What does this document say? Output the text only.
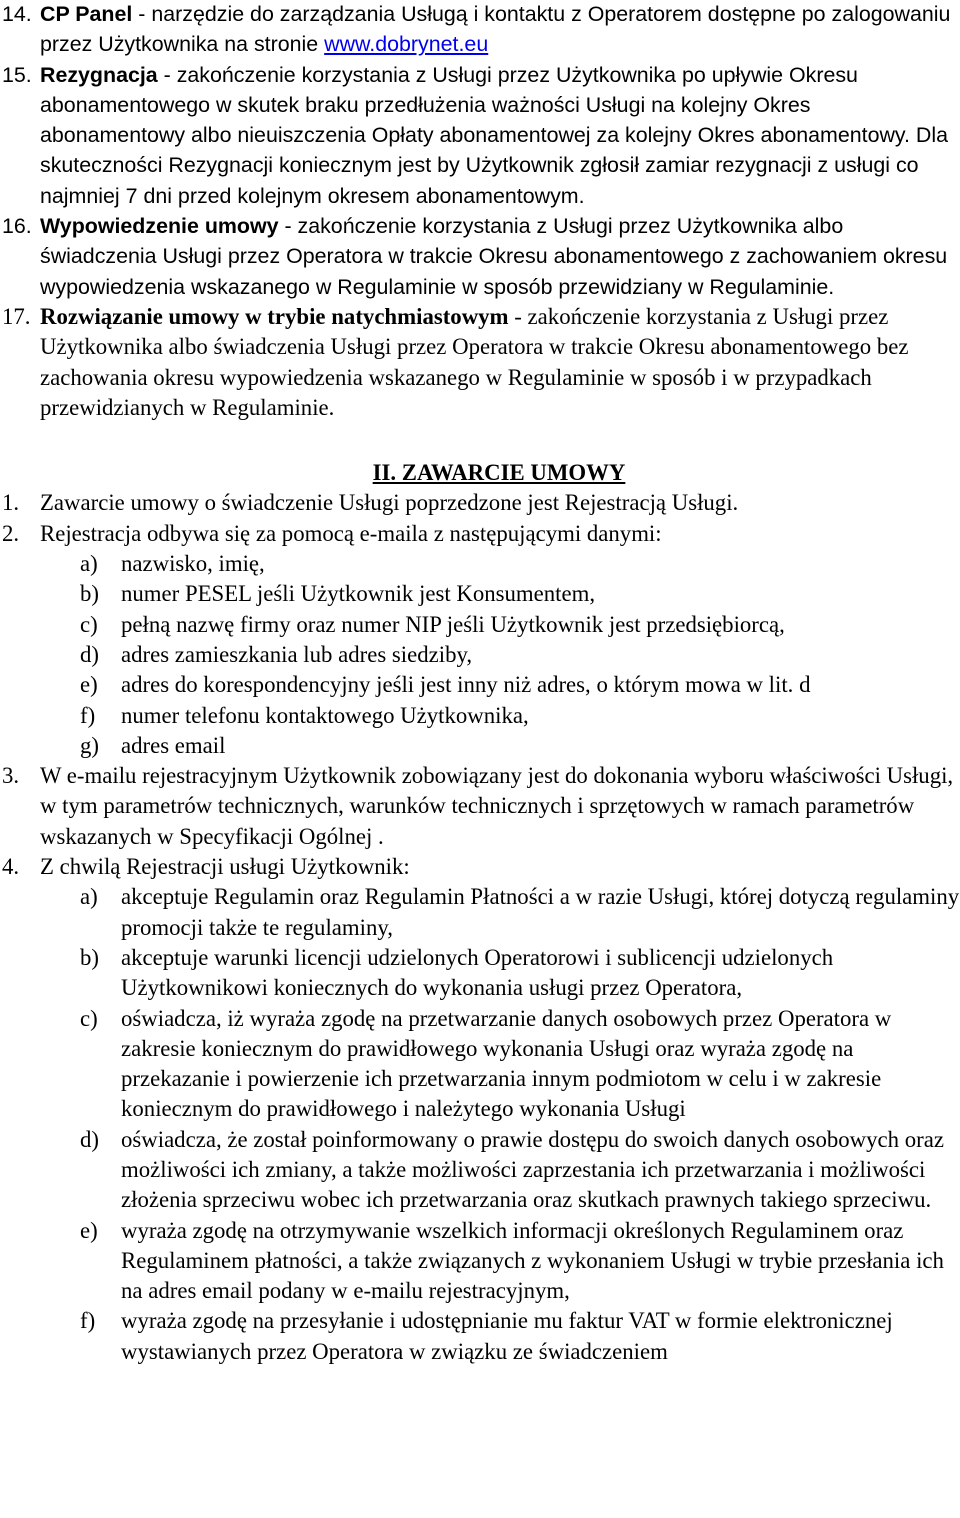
14. CP Panel - narzędzie do zarządzania Usługą i kontaktu z Operatorem dostępne po zalogowaniu przez Użytkownika na stronie www.dobrynet.eu
15. Rezygnacja - zakończenie korzystania z Usługi przez Użytkownika po upływie Okresu abonamentowego w skutek braku przedłużenia ważności Usługi na kolejny Okres abonamentowy albo nieuiszczenia Opłaty abonamentowej za kolejny Okres abonamentowy. Dla skuteczności Rezygnacji koniecznym jest by Użytkownik zgłosił zamiar rezygnacji z usługi co najmniej 7 dni przed kolejnym okresem abonamentowym.
16. Wypowiedzenie umowy - zakończenie korzystania z Usługi przez Użytkownika albo świadczenia Usługi przez Operatora w trakcie Okresu abonamentowego z zachowaniem okresu wypowiedzenia wskazanego w Regulaminie w sposób przewidziany w Regulaminie.
17. Rozwiązanie umowy w trybie natychmiastowym - zakończenie korzystania z Usługi przez Użytkownika albo świadczenia Usługi przez Operatora w trakcie Okresu abonamentowego bez zachowania okresu wypowiedzenia wskazanego w Regulaminie w sposób i w przypadkach przewidzianych w Regulaminie.
II. ZAWARCIE UMOWY
1. Zawarcie umowy o świadczenie Usługi poprzedzone jest Rejestracją Usługi.
2. Rejestracja odbywa się za pomocą e-maila z następującymi danymi:
a)	nazwisko, imię,
b) numer PESEL jeśli Użytkownik jest Konsumentem,
c)	pełną nazwę firmy oraz numer NIP jeśli Użytkownik jest przedsiębiorcą,
d) adres zamieszkania lub adres siedziby,
e)	adres do korespondencyjny jeśli jest inny niż adres, o którym mowa w lit. d
f)	numer telefonu kontaktowego Użytkownika,
g) adres email
3. W e-mailu rejestracyjnym Użytkownik zobowiązany jest do dokonania wyboru właściwości Usługi, w tym parametrów technicznych, warunków technicznych i sprzętowych w ramach parametrów wskazanych w Specyfikacji Ogólnej .
4. Z chwilą Rejestracji usługi Użytkownik:
a)	akceptuje Regulamin oraz Regulamin Płatności a w razie Usługi, której dotyczą regulaminy promocji także te regulaminy,
b) akceptuje warunki licencji udzielonych Operatorowi i sublicencji udzielonych Użytkownikowi koniecznych do wykonania usługi przez Operatora,
c)	oświadcza, iż wyraża zgodę na przetwarzanie danych osobowych przez Operatora w zakresie koniecznym do prawidłowego wykonania Usługi oraz wyraża zgodę na przekazanie i powierzenie ich przetwarzania innym podmiotom w celu i w zakresie koniecznym do prawidłowego i należytego wykonania Usługi
d) oświadcza, że został poinformowany o prawie dostępu do swoich danych osobowych oraz możliwości ich zmiany, a także możliwości zaprzestania ich przetwarzania i możliwości złożenia sprzeciwu wobec ich przetwarzania oraz skutkach prawnych takiego sprzeciwu.
e)	wyraża zgodę na otrzymywanie wszelkich informacji określonych Regulaminem oraz Regulaminem płatności, a także związanych z wykonaniem Usługi w trybie przesłania ich na adres email podany w e-mailu rejestracyjnym,
f)	wyraża zgodę na przesyłanie i udostępnianie mu faktur VAT w formie elektronicznej wystawianych przez Operatora w związku ze świadczeniem
